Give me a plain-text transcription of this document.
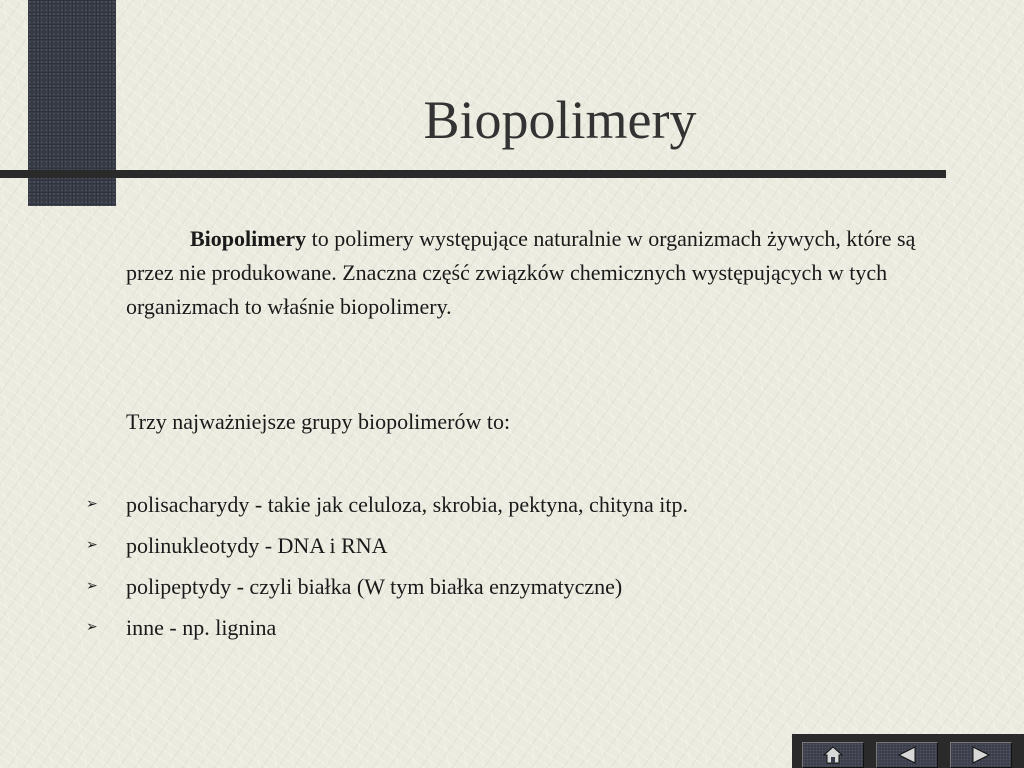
Biopolimery

Biopolimery to polimery występujące naturalnie w organizmach żywych, które są przez nie produkowane. Znaczna część związków chemicznych występujących w tych organizmach to właśnie biopolimery.

Trzy najważniejsze grupy biopolimerów to:

➢	polisacharydy - takie jak celuloza, skrobia, pektyna, chityna itp.
➢	polinukleotydy - DNA i RNA
➢	polipeptydy - czyli białka (W tym białka enzymatyczne)
➢	inne - np. lignina
